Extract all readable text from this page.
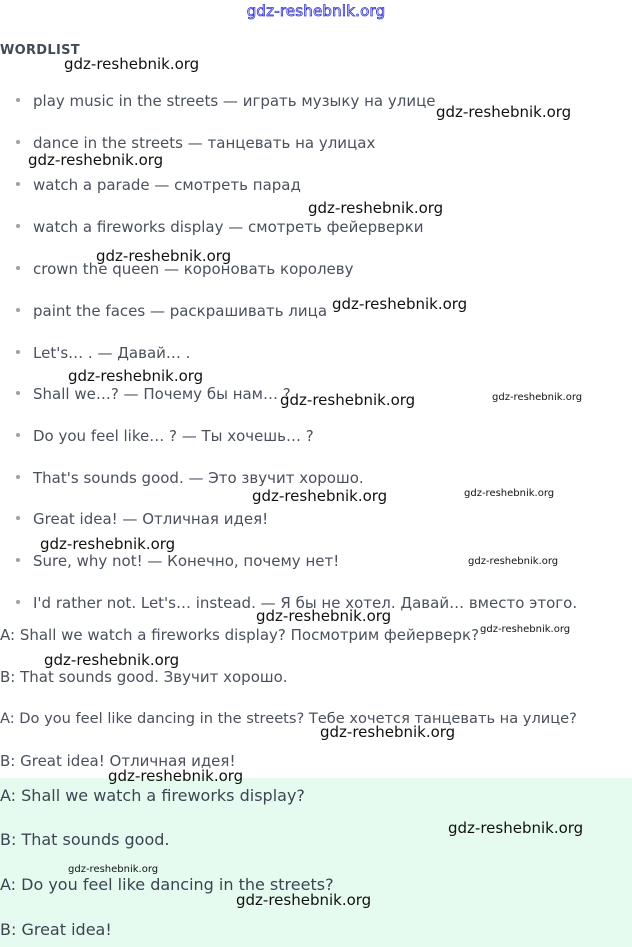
gdz-reshebnik.org
WORDLIST
play music in the streets — играть музыку на улице
dance in the streets — танцевать на улицах
watch a parade — смотреть парад
watch a fireworks display — смотреть фейерверки
crown the queen — короновать королеву
paint the faces — раскрашивать лица
Let's… . — Давай… .
Shall we…? — Почему бы нам… ?
Do you feel like… ? — Ты хочешь… ?
That's sounds good. — Это звучит хорошо.
Great idea! — Отличная идея!
Sure, why not! — Конечно, почему нет!
I'd rather not. Let's… instead. — Я бы не хотел. Давай… вместо этого.
A: Shall we watch a fireworks display? Посмотрим фейерверк?
B: That sounds good. Звучит хорошо.
A: Do you feel like dancing in the streets? Тебе хочется танцевать на улице?
B: Great idea! Отличная идея!
A: Shall we watch a fireworks display?
B: That sounds good.
A: Do you feel like dancing in the streets?
B: Great idea!
gdz-reshebnik.org
gdz-reshebnik.org
gdz-reshebnik.org
gdz-reshebnik.org
gdz-reshebnik.org
gdz-reshebnik.org
gdz-reshebnik.org
gdz-reshebnik.org	gdz-reshebnik.org
gdz-reshebnik.org	gdz-reshebnik.org
gdz-reshebnik.org
gdz-reshebnik.org
gdz-reshebnik.org
gdz-reshebnik.org
gdz-reshebnik.org
gdz-reshebnik.org
gdz-reshebnik.org
gdz-reshebnik.org
gdz-reshebnik.org
gdz-reshebnik.org
